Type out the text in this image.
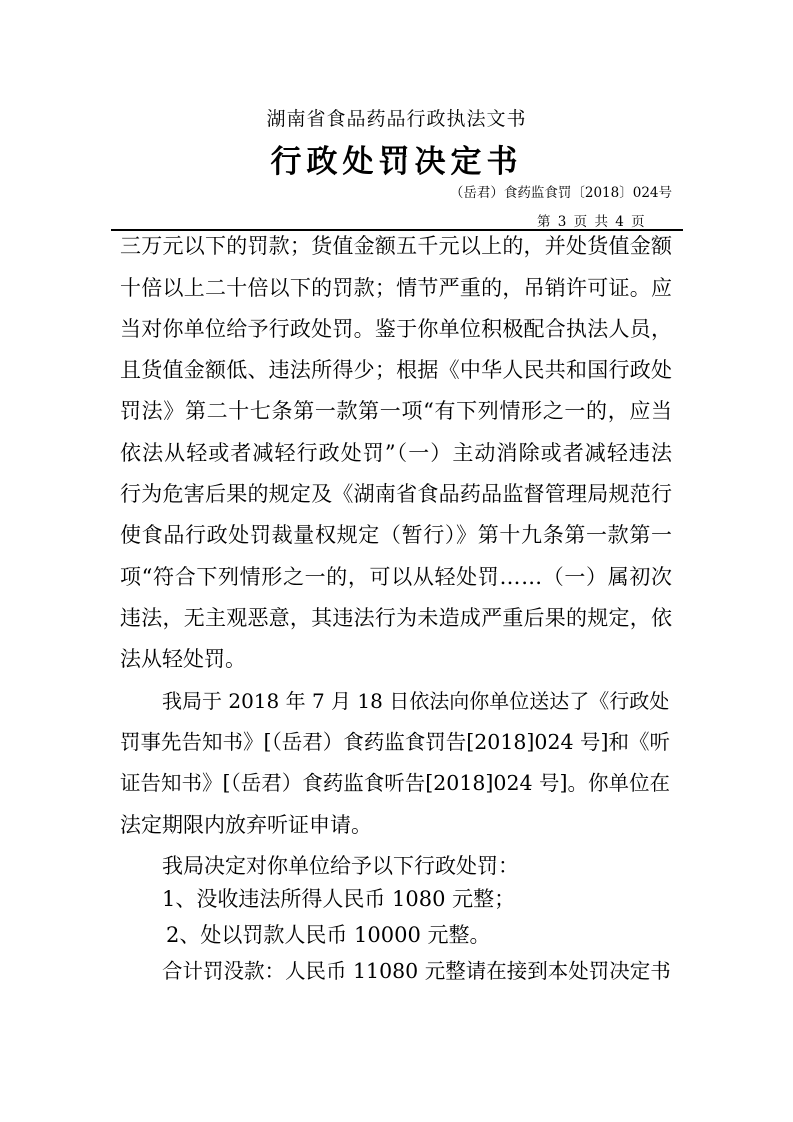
湖南省食品药品行政执法文书
行政处罚决定书
（岳君）食药监食罚〔2018〕024号
第 3 页 共 4 页
三万元以下的罚款；货值金额五千元以上的，并处货值金额
十倍以上二十倍以下的罚款；情节严重的，吊销许可证。应
当对你单位给予行政处罚。鉴于你单位积极配合执法人员，
且货值金额低、违法所得少；根据《中华人民共和国行政处
罚法》第二十七条第一款第一项“有下列情形之一的，应当
依法从轻或者减轻行政处罚”（一）主动消除或者减轻违法
行为危害后果的规定及《湖南省食品药品监督管理局规范行
使食品行政处罚裁量权规定（暂行）》第十九条第一款第一
项“符合下列情形之一的，可以从轻处罚……（一）属初次
违法，无主观恶意，其违法行为未造成严重后果的规定，依
法从轻处罚。
我局于 2018 年 7 月 18 日依法向你单位送达了《行政处
罚事先告知书》[（岳君）食药监食罚告[2018]024 号]和《听
证告知书》[（岳君）食药监食听告[2018]024 号]。你单位在
法定期限内放弃听证申请。
我局决定对你单位给予以下行政处罚：
1、没收违法所得人民币 1080 元整；
2、处以罚款人民币 10000 元整。
合计罚没款：人民币 11080 元整请在接到本处罚决定书
